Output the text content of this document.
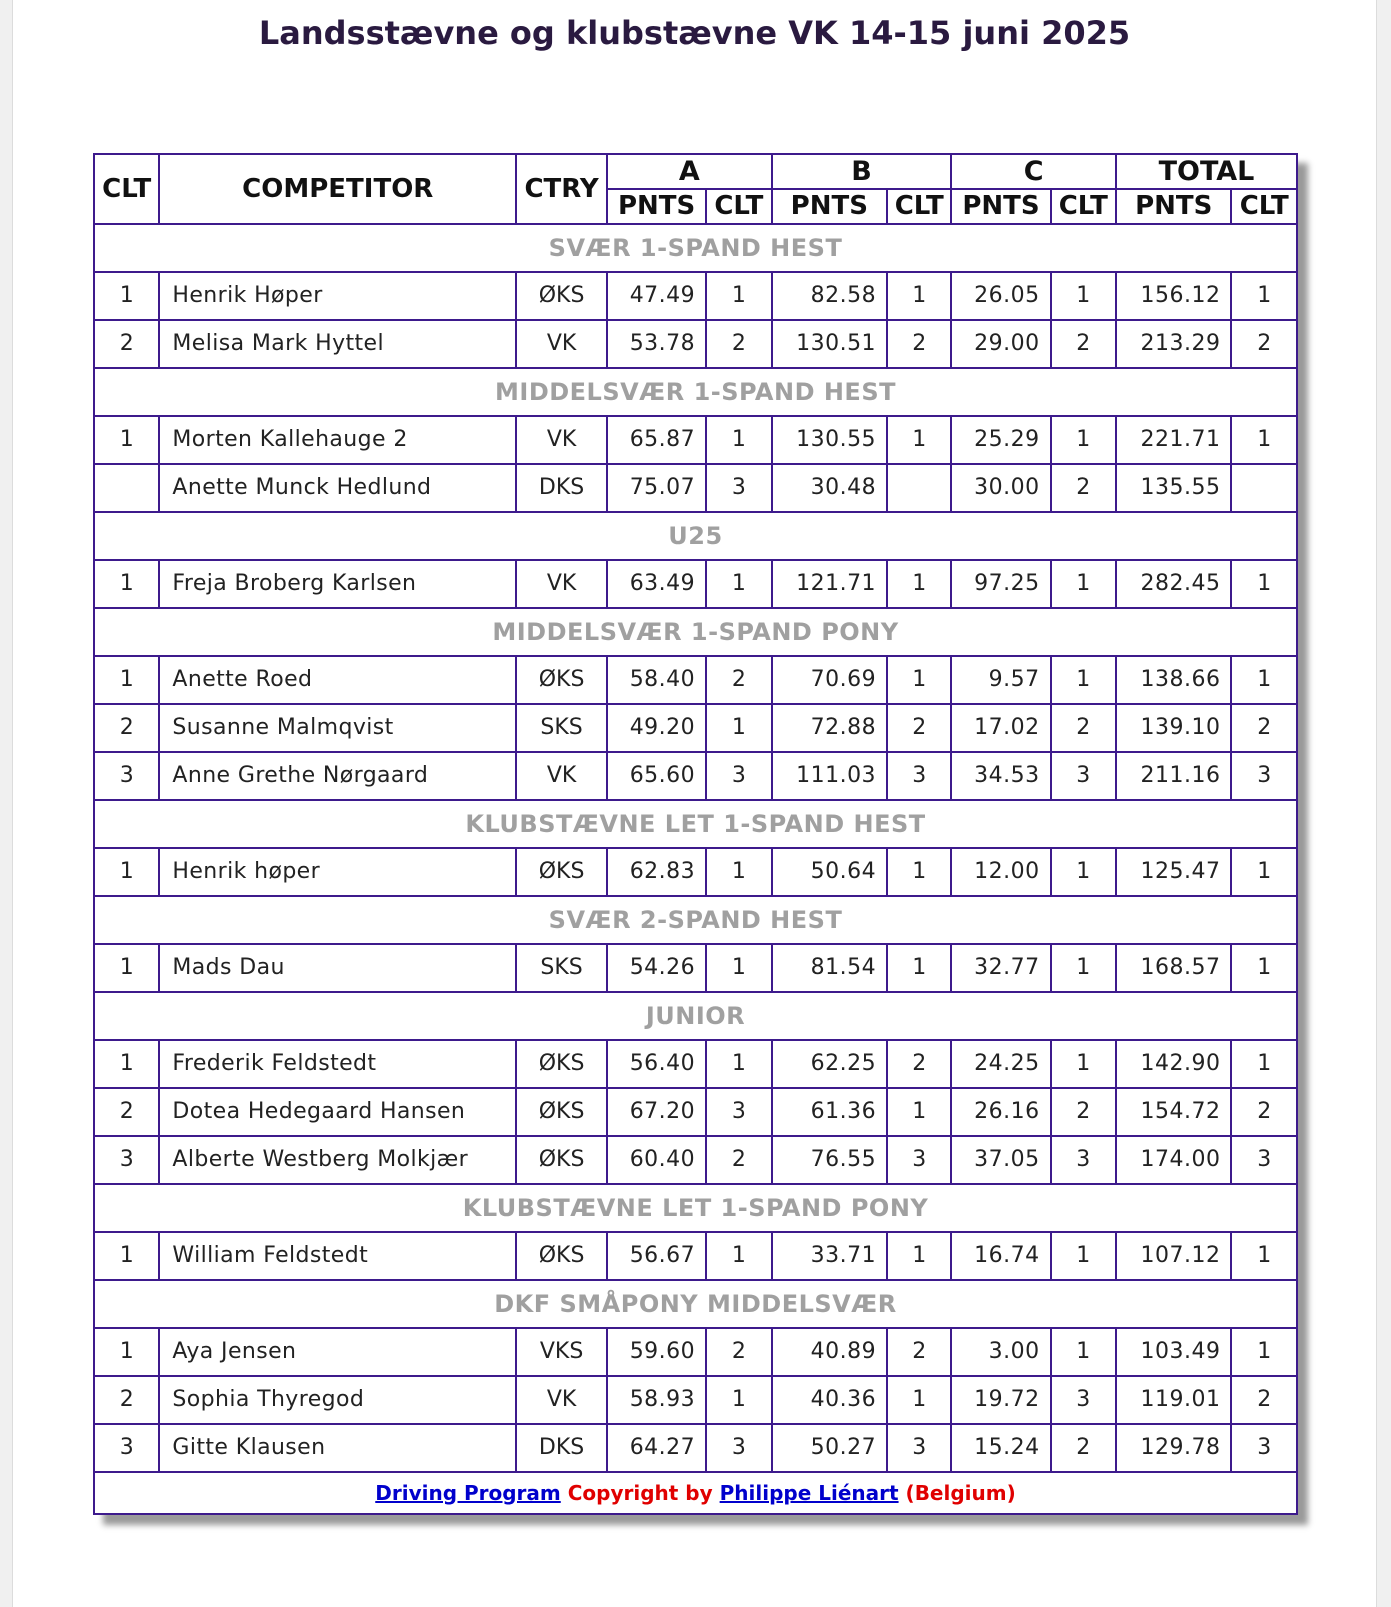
Landsstævne og klubstævne VK 14-15 juni 2025
CLT	COMPETITOR	CTRY	A		B		C		TOTAL	
			PNTS	CLT	PNTS	CLT	PNTS	CLT	PNTS	CLT
SVÆR 1-SPAND HEST										
1	Henrik Høper	ØKS	47.49	1	82.58	1	26.05	1	156.12	1
2	Melisa Mark Hyttel	VK	53.78	2	130.51	2	29.00	2	213.29	2
MIDDELSVÆR 1-SPAND HEST										
1	Morten Kallehauge 2	VK	65.87	1	130.55	1	25.29	1	221.71	1
	Anette Munck Hedlund	DKS	75.07	3	30.48		30.00	2	135.55	
U25										
1	Freja Broberg Karlsen	VK	63.49	1	121.71	1	97.25	1	282.45	1
MIDDELSVÆR 1-SPAND PONY										
1	Anette Roed	ØKS	58.40	2	70.69	1	9.57	1	138.66	1
2	Susanne Malmqvist	SKS	49.20	1	72.88	2	17.02	2	139.10	2
3	Anne Grethe Nørgaard	VK	65.60	3	111.03	3	34.53	3	211.16	3
KLUBSTÆVNE LET 1-SPAND HEST										
1	Henrik høper	ØKS	62.83	1	50.64	1	12.00	1	125.47	1
SVÆR 2-SPAND HEST										
1	Mads Dau	SKS	54.26	1	81.54	1	32.77	1	168.57	1
JUNIOR										
1	Frederik Feldstedt	ØKS	56.40	1	62.25	2	24.25	1	142.90	1
2	Dotea Hedegaard Hansen	ØKS	67.20	3	61.36	1	26.16	2	154.72	2
3	Alberte Westberg Molkjær	ØKS	60.40	2	76.55	3	37.05	3	174.00	3
KLUBSTÆVNE LET 1-SPAND PONY										
1	William Feldstedt	ØKS	56.67	1	33.71	1	16.74	1	107.12	1
DKF SMÅPONY MIDDELSVÆR										
1	Aya Jensen	VKS	59.60	2	40.89	2	3.00	1	103.49	1
2	Sophia Thyregod	VK	58.93	1	40.36	1	19.72	3	119.01	2
3	Gitte Klausen	DKS	64.27	3	50.27	3	15.24	2	129.78	3
Driving Program Copyright by Philippe Liénart (Belgium)										
